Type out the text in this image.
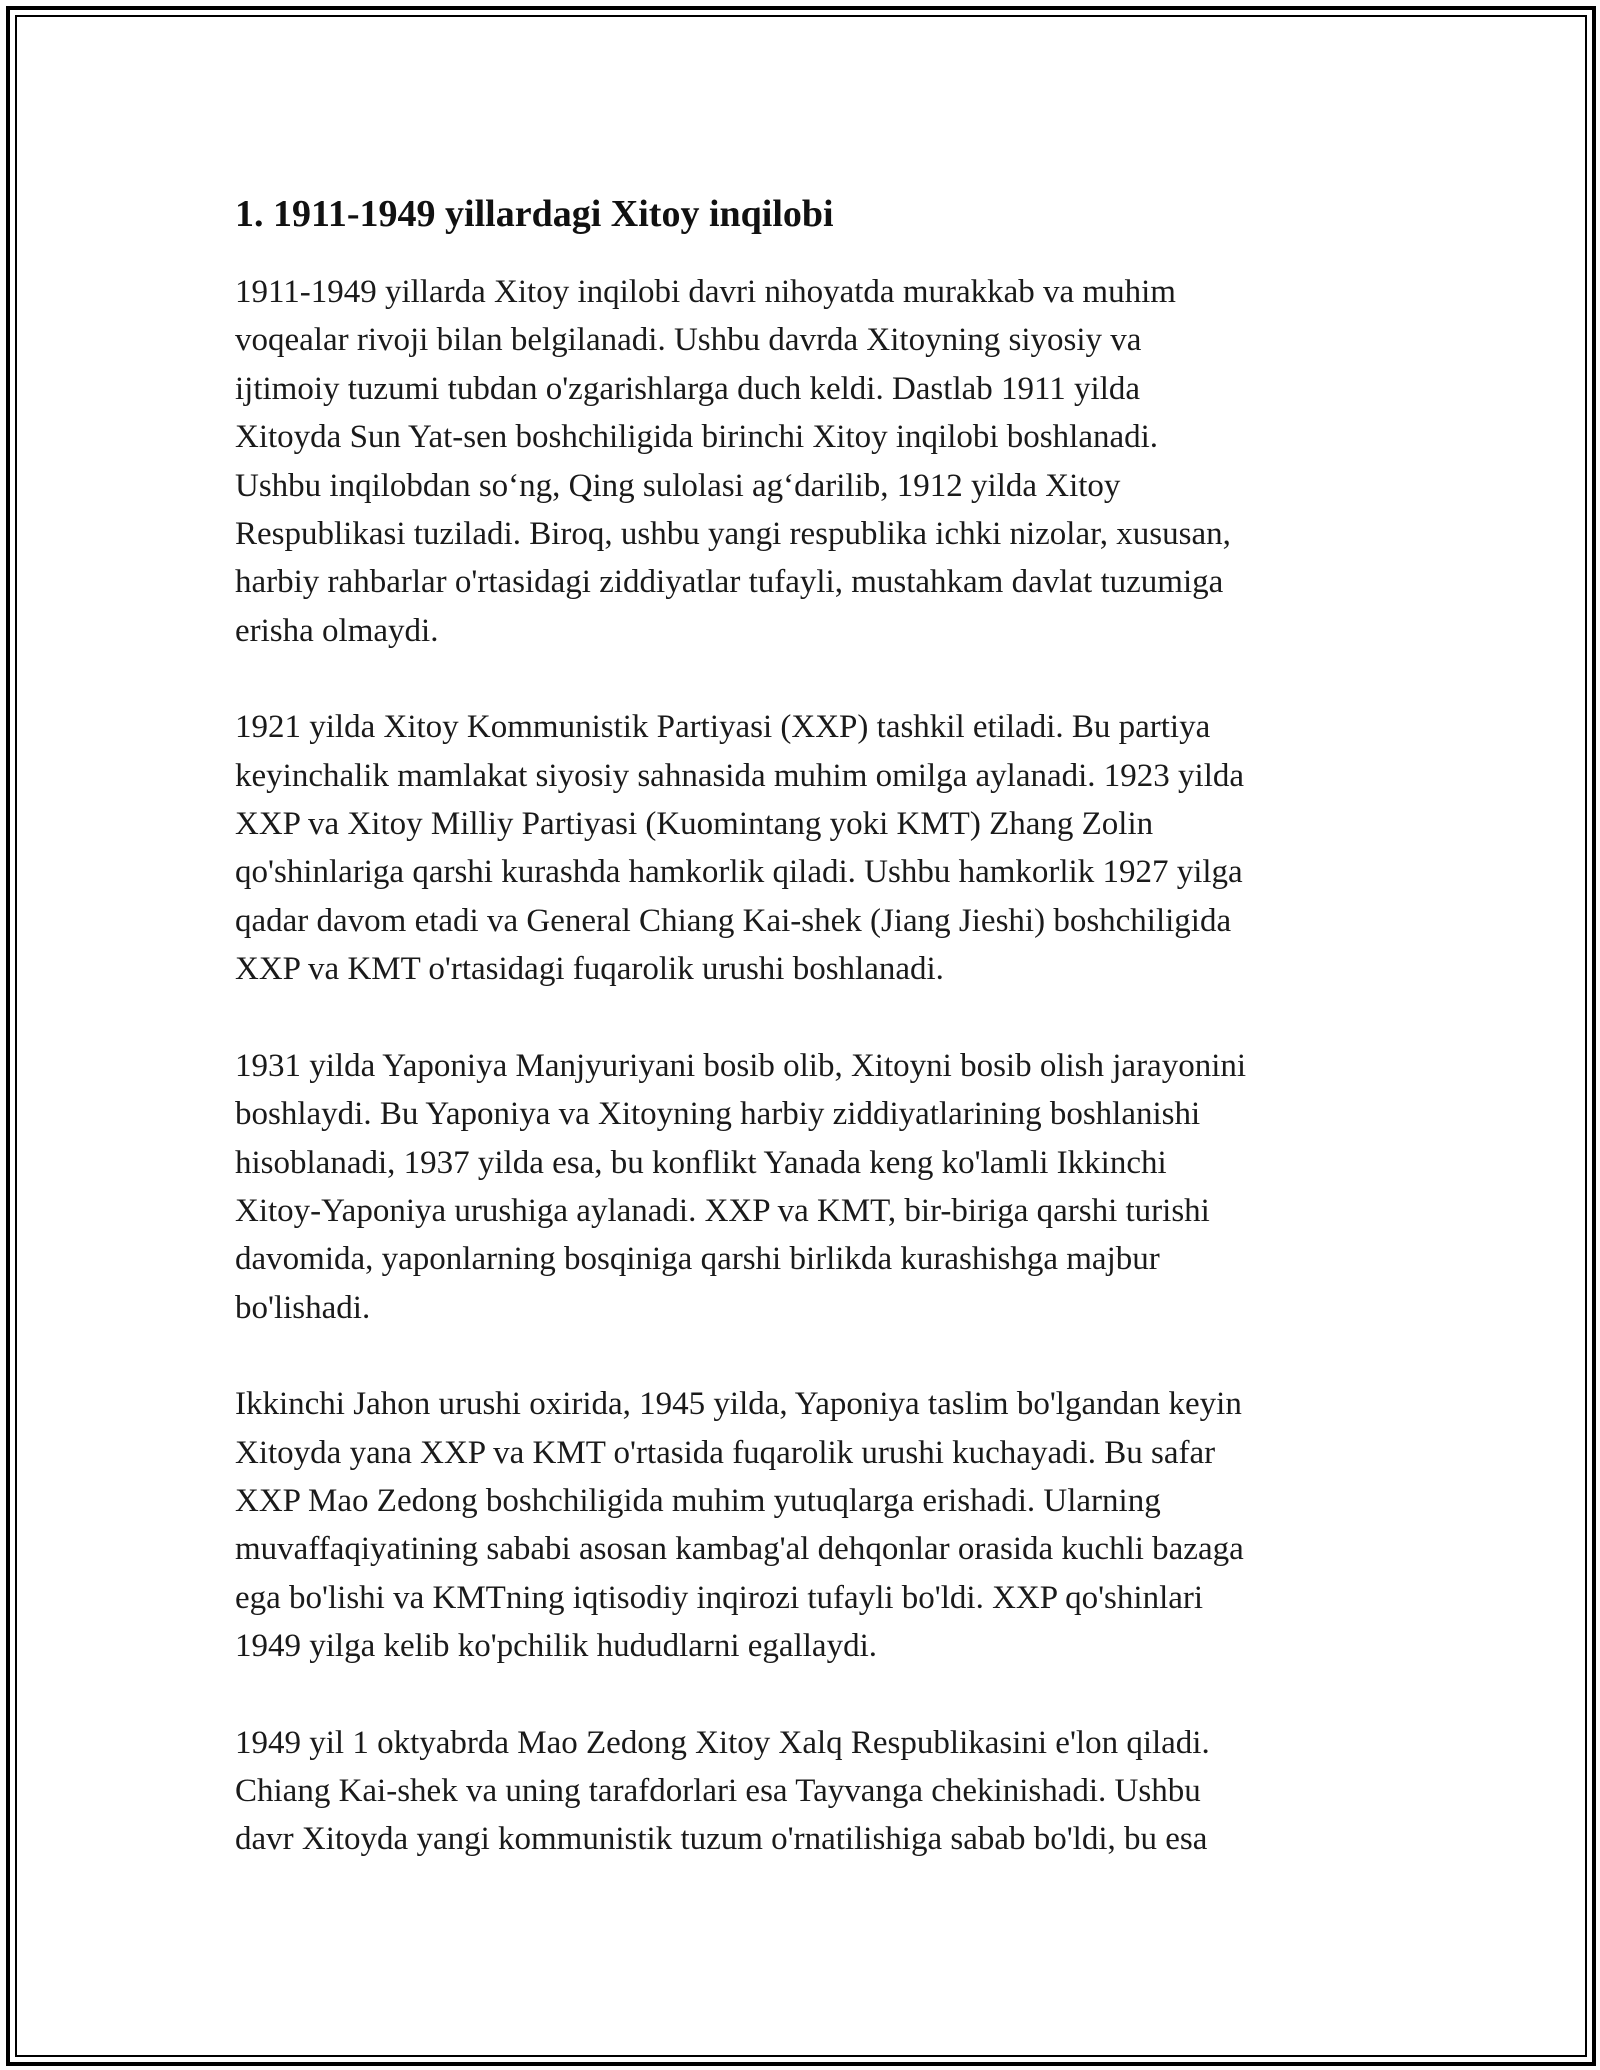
1. 1911-1949 yillardagi Xitoy inqilobi

1911-1949 yillarda Xitoy inqilobi davri nihoyatda murakkab va muhim
voqealar rivoji bilan belgilanadi. Ushbu davrda Xitoyning siyosiy va
ijtimoiy tuzumi tubdan o'zgarishlarga duch keldi. Dastlab 1911 yilda
Xitoyda Sun Yat-sen boshchiligida birinchi Xitoy inqilobi boshlanadi.
Ushbu inqilobdan so‘ng, Qing sulolasi ag‘darilib, 1912 yilda Xitoy
Respublikasi tuziladi. Biroq, ushbu yangi respublika ichki nizolar, xususan,
harbiy rahbarlar o'rtasidagi ziddiyatlar tufayli, mustahkam davlat tuzumiga
erisha olmaydi.

1921 yilda Xitoy Kommunistik Partiyasi (XXP) tashkil etiladi. Bu partiya
keyinchalik mamlakat siyosiy sahnasida muhim omilga aylanadi. 1923 yilda
XXP va Xitoy Milliy Partiyasi (Kuomintang yoki KMT) Zhang Zolin
qo'shinlariga qarshi kurashda hamkorlik qiladi. Ushbu hamkorlik 1927 yilga
qadar davom etadi va General Chiang Kai-shek (Jiang Jieshi) boshchiligida
XXP va KMT o'rtasidagi fuqarolik urushi boshlanadi.

1931 yilda Yaponiya Manjyuriyani bosib olib, Xitoyni bosib olish jarayonini
boshlaydi. Bu Yaponiya va Xitoyning harbiy ziddiyatlarining boshlanishi
hisoblanadi, 1937 yilda esa, bu konflikt Yanada keng ko'lamli Ikkinchi
Xitoy-Yaponiya urushiga aylanadi. XXP va KMT, bir-biriga qarshi turishi
davomida, yaponlarning bosqiniga qarshi birlikda kurashishga majbur
bo'lishadi.

Ikkinchi Jahon urushi oxirida, 1945 yilda, Yaponiya taslim bo'lgandan keyin
Xitoyda yana XXP va KMT o'rtasida fuqarolik urushi kuchayadi. Bu safar
XXP Mao Zedong boshchiligida muhim yutuqlarga erishadi. Ularning
muvaffaqiyatining sababi asosan kambag'al dehqonlar orasida kuchli bazaga
ega bo'lishi va KMTning iqtisodiy inqirozi tufayli bo'ldi. XXP qo'shinlari
1949 yilga kelib ko'pchilik hududlarni egallaydi.

1949 yil 1 oktyabrda Mao Zedong Xitoy Xalq Respublikasini e'lon qiladi.
Chiang Kai-shek va uning tarafdorlari esa Tayvanga chekinishadi. Ushbu
davr Xitoyda yangi kommunistik tuzum o'rnatilishiga sabab bo'ldi, bu esa
